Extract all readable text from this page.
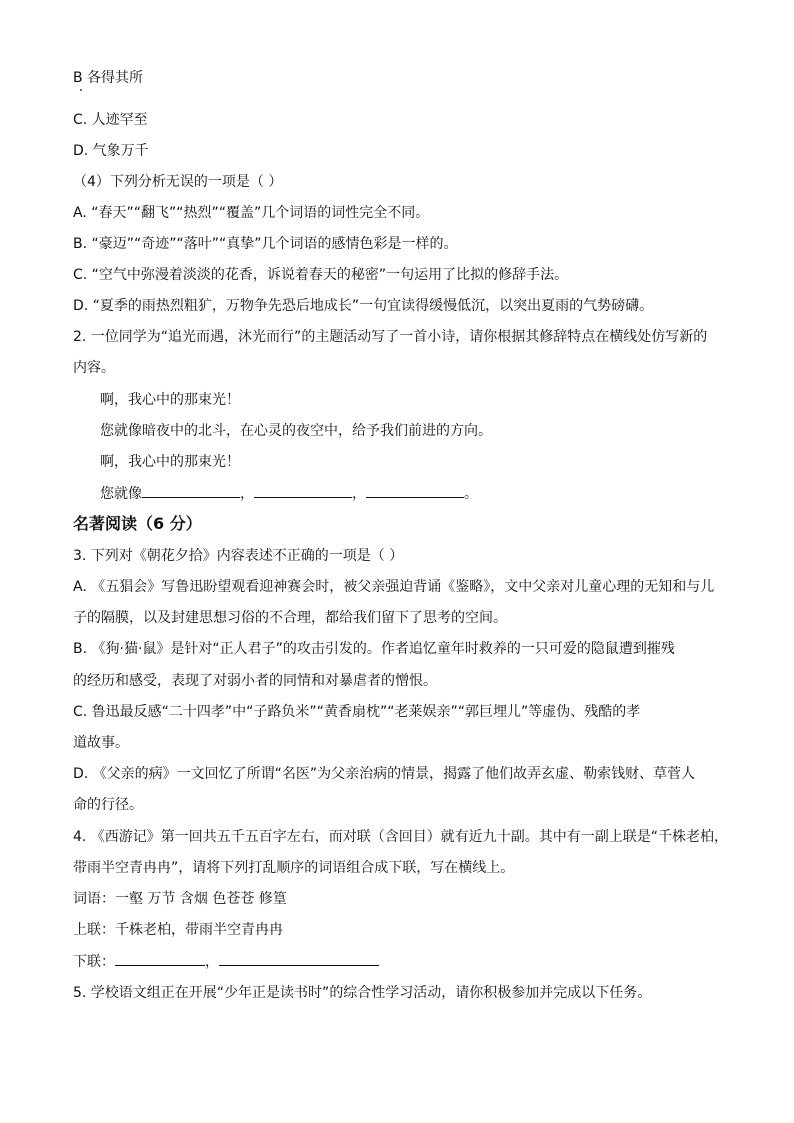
B 各得其所
C. 人迹罕至
D. 气象万千
（4）下列分析无误的一项是（ ）
A. “春天”“翻飞”“热烈”“覆盖”几个词语的词性完全不同。
B. “豪迈”“奇迹”“落叶”“真挚”几个词语的感情色彩是一样的。
C. “空气中弥漫着淡淡的花香，诉说着春天的秘密”一句运用了比拟的修辞手法。
D. “夏季的雨热烈粗犷，万物争先恐后地成长”一句宜读得缓慢低沉，以突出夏雨的气势磅礴。
2. 一位同学为“追光而遇，沐光而行”的主题活动写了一首小诗，请你根据其修辞特点在横线处仿写新的
内容。
啊，我心中的那束光！
您就像暗夜中的北斗，在心灵的夜空中，给予我们前进的方向。
啊，我心中的那束光！
您就像	，	，	。
名著阅读（6 分）
3. 下列对《朝花夕拾》内容表述不正确的一项是（ ）
A. 《五猖会》写鲁迅盼望观看迎神赛会时，被父亲强迫背诵《鉴略》，文中父亲对儿童心理的无知和与儿
子的隔膜，以及封建思想习俗的不合理，都给我们留下了思考的空间。
B. 《狗·猫·鼠》是针对“正人君子”的攻击引发的。作者追忆童年时救养的一只可爱的隐鼠遭到摧残
的经历和感受，表现了对弱小者的同情和对暴虐者的憎恨。
C. 鲁迅最反感“二十四孝”中“子路负米”“黄香扇枕”“老莱娱亲”“郭巨埋儿”等虚伪、残酷的孝
道故事。
D. 《父亲的病》一文回忆了所谓“名医”为父亲治病的情景，揭露了他们故弄玄虚、勒索钱财、草菅人
命的行径。
4. 《西游记》第一回共五千五百字左右，而对联（含回目）就有近九十副。其中有一副上联是“千株老柏，
带雨半空青冉冉”，请将下列打乱顺序的词语组合成下联，写在横线上。
词语：一壑 万节 含烟 色苍苍 修篁
上联：千株老柏，带雨半空青冉冉
下联：	，
5. 学校语文组正在开展“少年正是读书时”的综合性学习活动，请你积极参加并完成以下任务。
